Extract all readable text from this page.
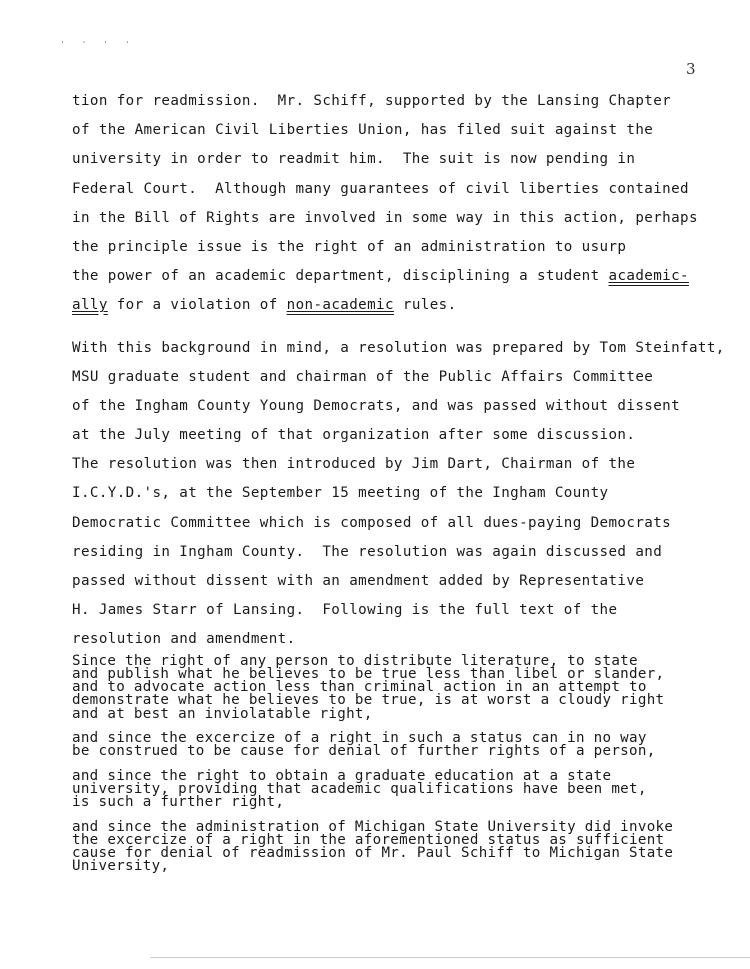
' ' ' '
3
tion for readmission.  Mr. Schiff, supported by the Lansing Chapter
of the American Civil Liberties Union, has filed suit against the
university in order to readmit him.  The suit is now pending in
Federal Court.  Although many guarantees of civil liberties contained
in the Bill of Rights are involved in some way in this action, perhaps
the principle issue is the right of an administration to usurp
the power of an academic department, disciplining a student academic-
ally for a violation of non-academic rules.
With this background in mind, a resolution was prepared by Tom Steinfatt,
MSU graduate student and chairman of the Public Affairs Committee
of the Ingham County Young Democrats, and was passed without dissent
at the July meeting of that organization after some discussion.
The resolution was then introduced by Jim Dart, Chairman of the
I.C.Y.D.'s, at the September 15 meeting of the Ingham County
Democratic Committee which is composed of all dues-paying Democrats
residing in Ingham County.  The resolution was again discussed and
passed without dissent with an amendment added by Representative
H. James Starr of Lansing.  Following is the full text of the
resolution and amendment.
Since the right of any person to distribute literature, to state
and publish what he believes to be true less than libel or slander,
and to advocate action less than criminal action in an attempt to
demonstrate what he believes to be true, is at worst a cloudy right
and at best an inviolatable right,
and since the excercize of a right in such a status can in no way
be construed to be cause for denial of further rights of a person,
and since the right to obtain a graduate education at a state
university, providing that academic qualifications have been met,
is such a further right,
and since the administration of Michigan State University did invoke
the excercize of a right in the aforementioned status as sufficient
cause for denial of readmission of Mr. Paul Schiff to Michigan State
University,
